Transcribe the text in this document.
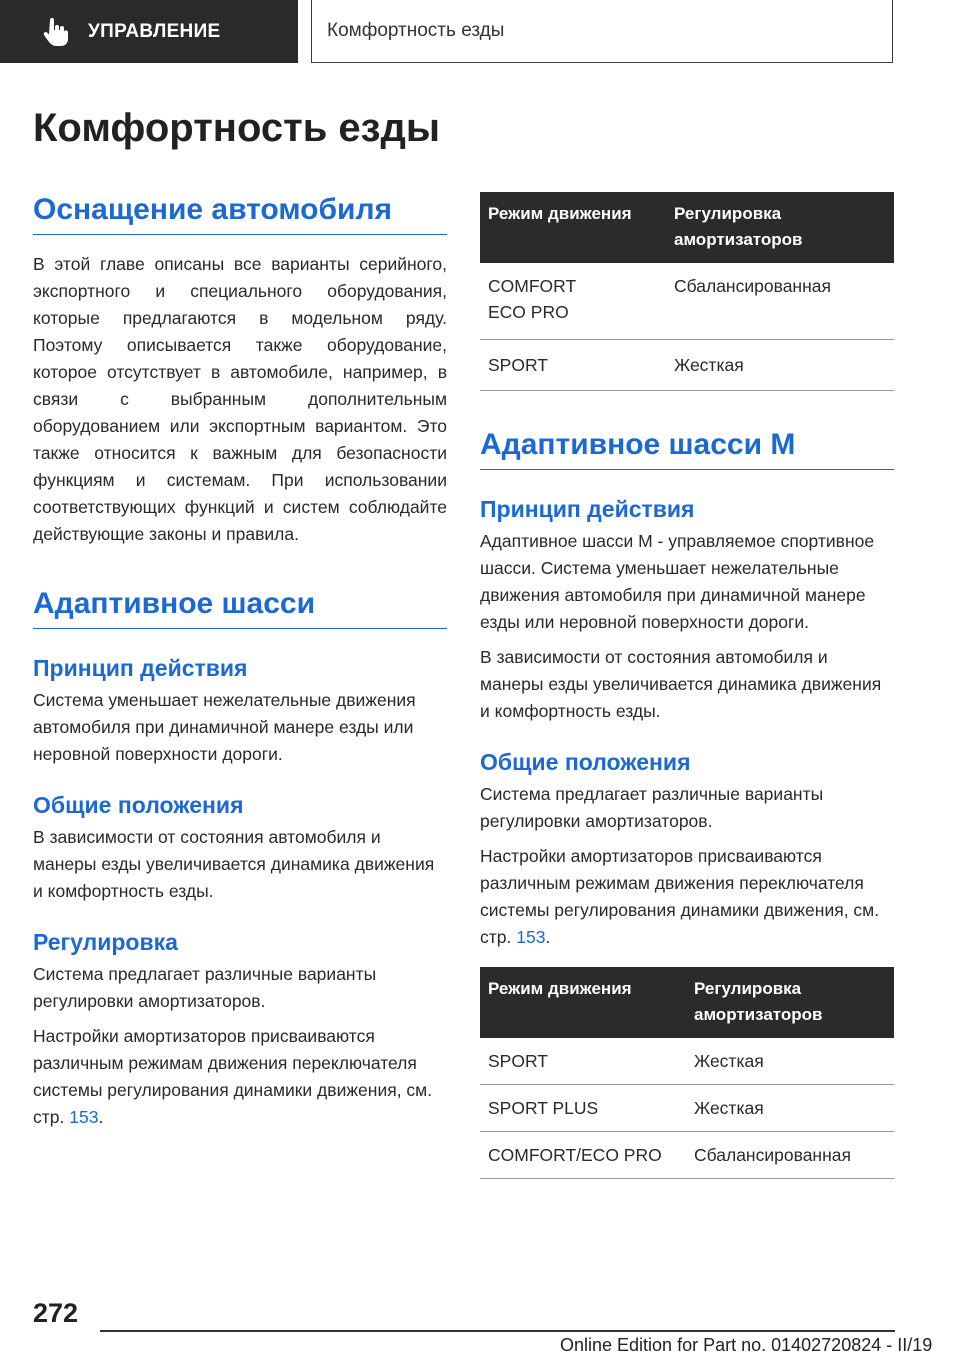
УПРАВЛЕНИЕ	Комфортность езды
Комфортность езды
Оснащение автомобиля

В этой главе описаны все варианты серийного, экспортного и специального оборудования, которые предлагаются в модельном ряду. Поэтому описывается также оборудование, которое отсутствует в автомобиле, например, в связи с выбранным дополнительным оборудованием или экспортным вариантом. Это также относится к важным для безопасности функциям и системам. При использовании соответствующих функций и систем соблюдайте действующие законы и правила.

Адаптивное шасси
Принцип действия

Система уменьшает нежелательные движения автомобиля при динамичной манере езды или неровной поверхности дороги.

Общие положения

В зависимости от состояния автомобиля и манеры езды увеличивается динамика движения и комфортность езды.

Регулировка

Система предлагает различные варианты регулировки амортизаторов.

Настройки амортизаторов присваиваются различным режимам движения переключателя системы регулирования динамики движения, см. стр. 153.

Режим движения	Регулировка амортизаторов
COMFORT
ECO PRO	Сбалансированная
SPORT	Жесткая
Адаптивное шасси M
Принцип действия

Адаптивное шасси M - управляемое спортивное шасси. Система уменьшает нежелательные движения автомобиля при динамичной манере езды или неровной поверхности дороги.

В зависимости от состояния автомобиля и манеры езды увеличивается динамика движения и комфортность езды.

Общие положения

Система предлагает различные варианты регулировки амортизаторов.

Настройки амортизаторов присваиваются различным режимам движения переключателя системы регулирования динамики движения, см. стр. 153.

Режим движения	Регулировка амортизаторов
SPORT	Жесткая
SPORT PLUS	Жесткая
COMFORT/ECO PRO	Сбалансированная
272
Online Edition for Part no. 01402720824 - II/19
